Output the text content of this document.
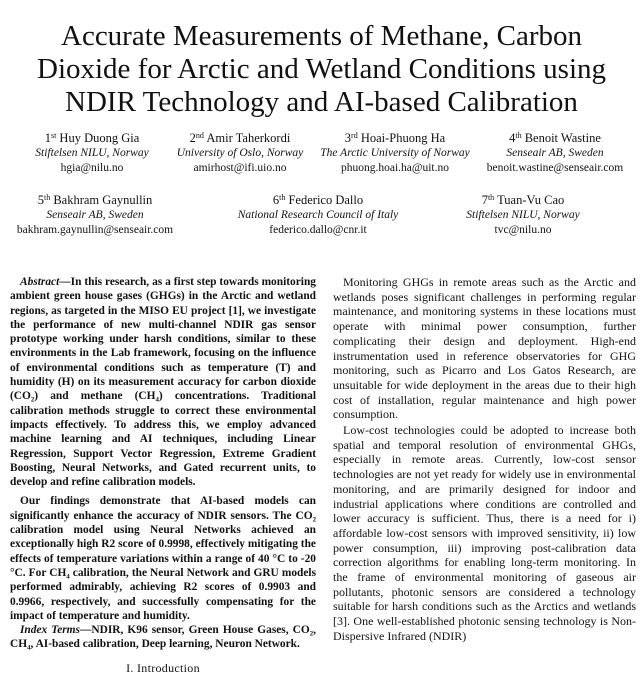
Accurate Measurements of Methane, Carbon Dioxide for Arctic and Wetland Conditions using NDIR Technology and AI-based Calibration
1st Huy Duong Gia
Stiftelsen NILU, Norway
hgia@nilu.no
2nd Amir Taherkordi
University of Oslo, Norway
amirhost@ifi.uio.no
3rd Hoai-Phuong Ha
The Arctic University of Norway
phuong.hoai.ha@uit.no
4th Benoit Wastine
Senseair AB, Sweden
benoit.wastine@senseair.com
5th Bakhram Gaynullin
Senseair AB, Sweden
bakhram.gaynullin@senseair.com
6th Federico Dallo
National Research Council of Italy
federico.dallo@cnr.it
7th Tuan-Vu Cao
Stiftelsen NILU, Norway
tvc@nilu.no

Abstract—In this research, as a first step towards monitoring ambient green house gases (GHGs) in the Arctic and wetland regions, as targeted in the MISO EU project [1], we investigate the performance of new multi-channel NDIR gas sensor prototype working under harsh conditions, similar to these environments in the Lab framework, focusing on the influence of environmental conditions such as temperature (T) and humidity (H) on its measurement accuracy for carbon dioxide (CO₂) and methane (CH₄) concentrations. Traditional calibration methods struggle to correct these environmental impacts effectively. To address this, we employ advanced machine learning and AI techniques, including Linear Regression, Support Vector Regression, Extreme Gradient Boosting, Neural Networks, and Gated recurrent units, to develop and refine calibration models.

Our findings demonstrate that AI-based models can significantly enhance the accuracy of NDIR sensors. The CO₂ calibration model using Neural Networks achieved an exceptionally high R2 score of 0.9998, effectively mitigating the effects of temperature variations within a range of 40 °C to -20 °C. For CH₄ calibration, the Neural Network and GRU models performed admirably, achieving R2 scores of 0.9903 and 0.9966, respectively, and successfully compensating for the impact of temperature and humidity.

Index Terms—NDIR, K96 sensor, Green House Gases, CO₂, CH₄, AI-based calibration, Deep learning, Neuron Network.

I. Introduction

Monitoring GHGs in remote areas such as the Arctic and wetlands poses significant challenges in performing regular maintenance, and monitoring systems in these locations must operate with minimal power consumption, further complicating their design and deployment. High-end instrumentation used in reference observatories for GHG monitoring, such as Picarro and Los Gatos Research, are unsuitable for wide deployment in the areas due to their high cost of installation, regular maintenance and high power consumption.

Low-cost technologies could be adopted to increase both spatial and temporal resolution of environmental GHGs, especially in remote areas. Currently, low-cost sensor technologies are not yet ready for widely use in environmental monitoring, and are primarily designed for indoor and industrial applications where conditions are controlled and lower accuracy is sufficient. Thus, there is a need for i) affordable low-cost sensors with improved sensitivity, ii) low power consumption, iii) improving post-calibration data correction algorithms for enabling long-term monitoring. In the frame of environmental monitoring of gaseous air pollutants, photonic sensors are considered a technology suitable for harsh conditions such as the Arctics and wetlands [3]. One well-established photonic sensing technology is Non-Dispersive Infrared (NDIR)
